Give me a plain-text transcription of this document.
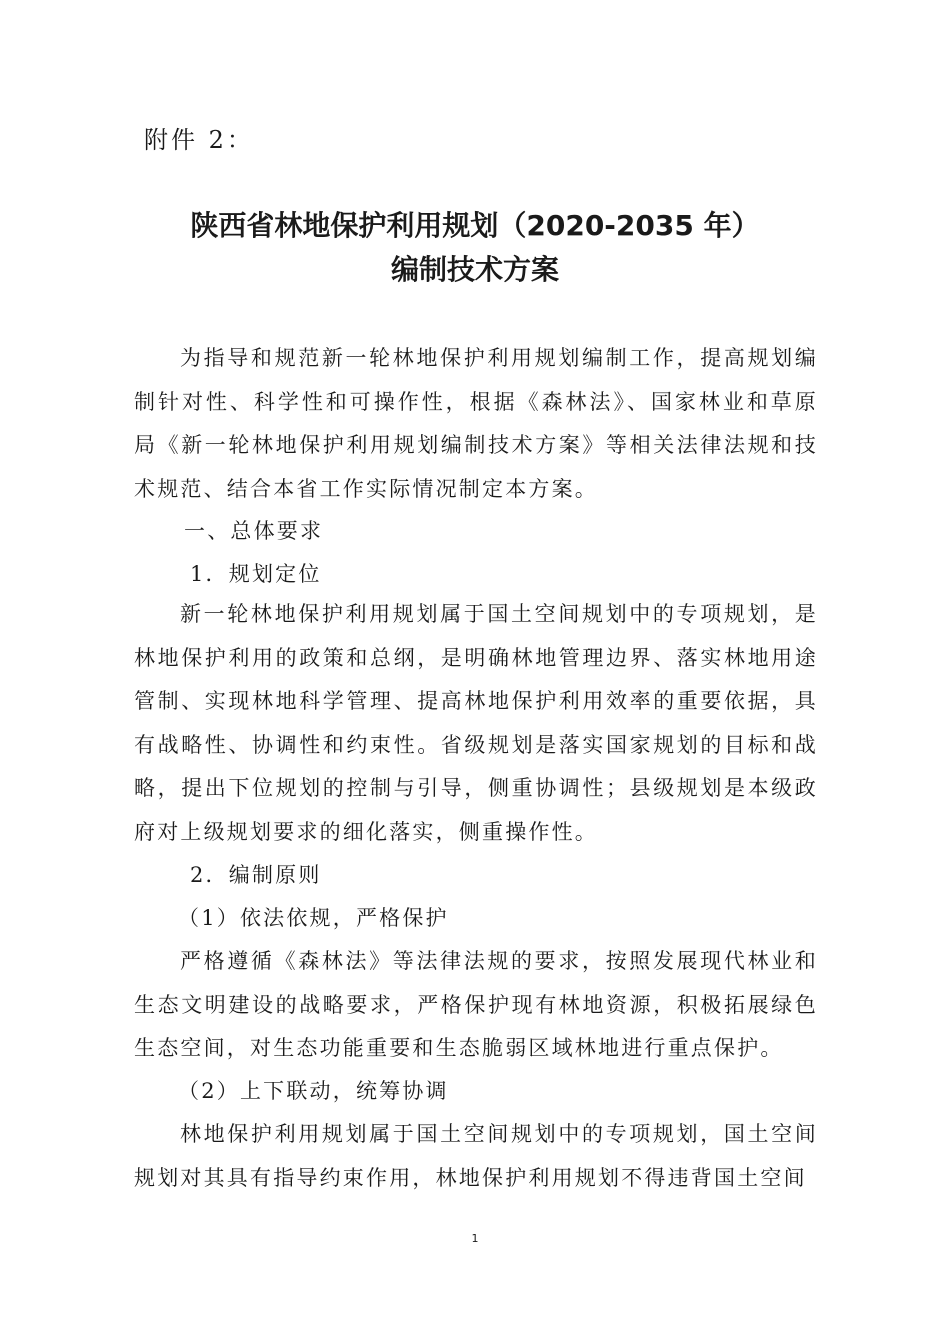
附件 2：
陕西省林地保护利用规划（2020-2035 年）
编制技术方案

为指导和规范新一轮林地保护利用规划编制工作，提高规划编制针对性、科学性和可操作性，根据《森林法》、国家林业和草原局《新一轮林地保护利用规划编制技术方案》等相关法律法规和技术规范、结合本省工作实际情况制定本方案。

一、总体要求

1．规划定位

新一轮林地保护利用规划属于国土空间规划中的专项规划，是林地保护利用的政策和总纲，是明确林地管理边界、落实林地用途管制、实现林地科学管理、提高林地保护利用效率的重要依据，具有战略性、协调性和约束性。省级规划是落实国家规划的目标和战略，提出下位规划的控制与引导，侧重协调性；县级规划是本级政府对上级规划要求的细化落实，侧重操作性。

2．编制原则

（1）依法依规，严格保护

严格遵循《森林法》等法律法规的要求，按照发展现代林业和生态文明建设的战略要求，严格保护现有林地资源，积极拓展绿色生态空间，对生态功能重要和生态脆弱区域林地进行重点保护。

（2）上下联动，统筹协调

林地保护利用规划属于国土空间规划中的专项规划，国土空间规划对其具有指导约束作用，林地保护利用规划不得违背国土空间

1
